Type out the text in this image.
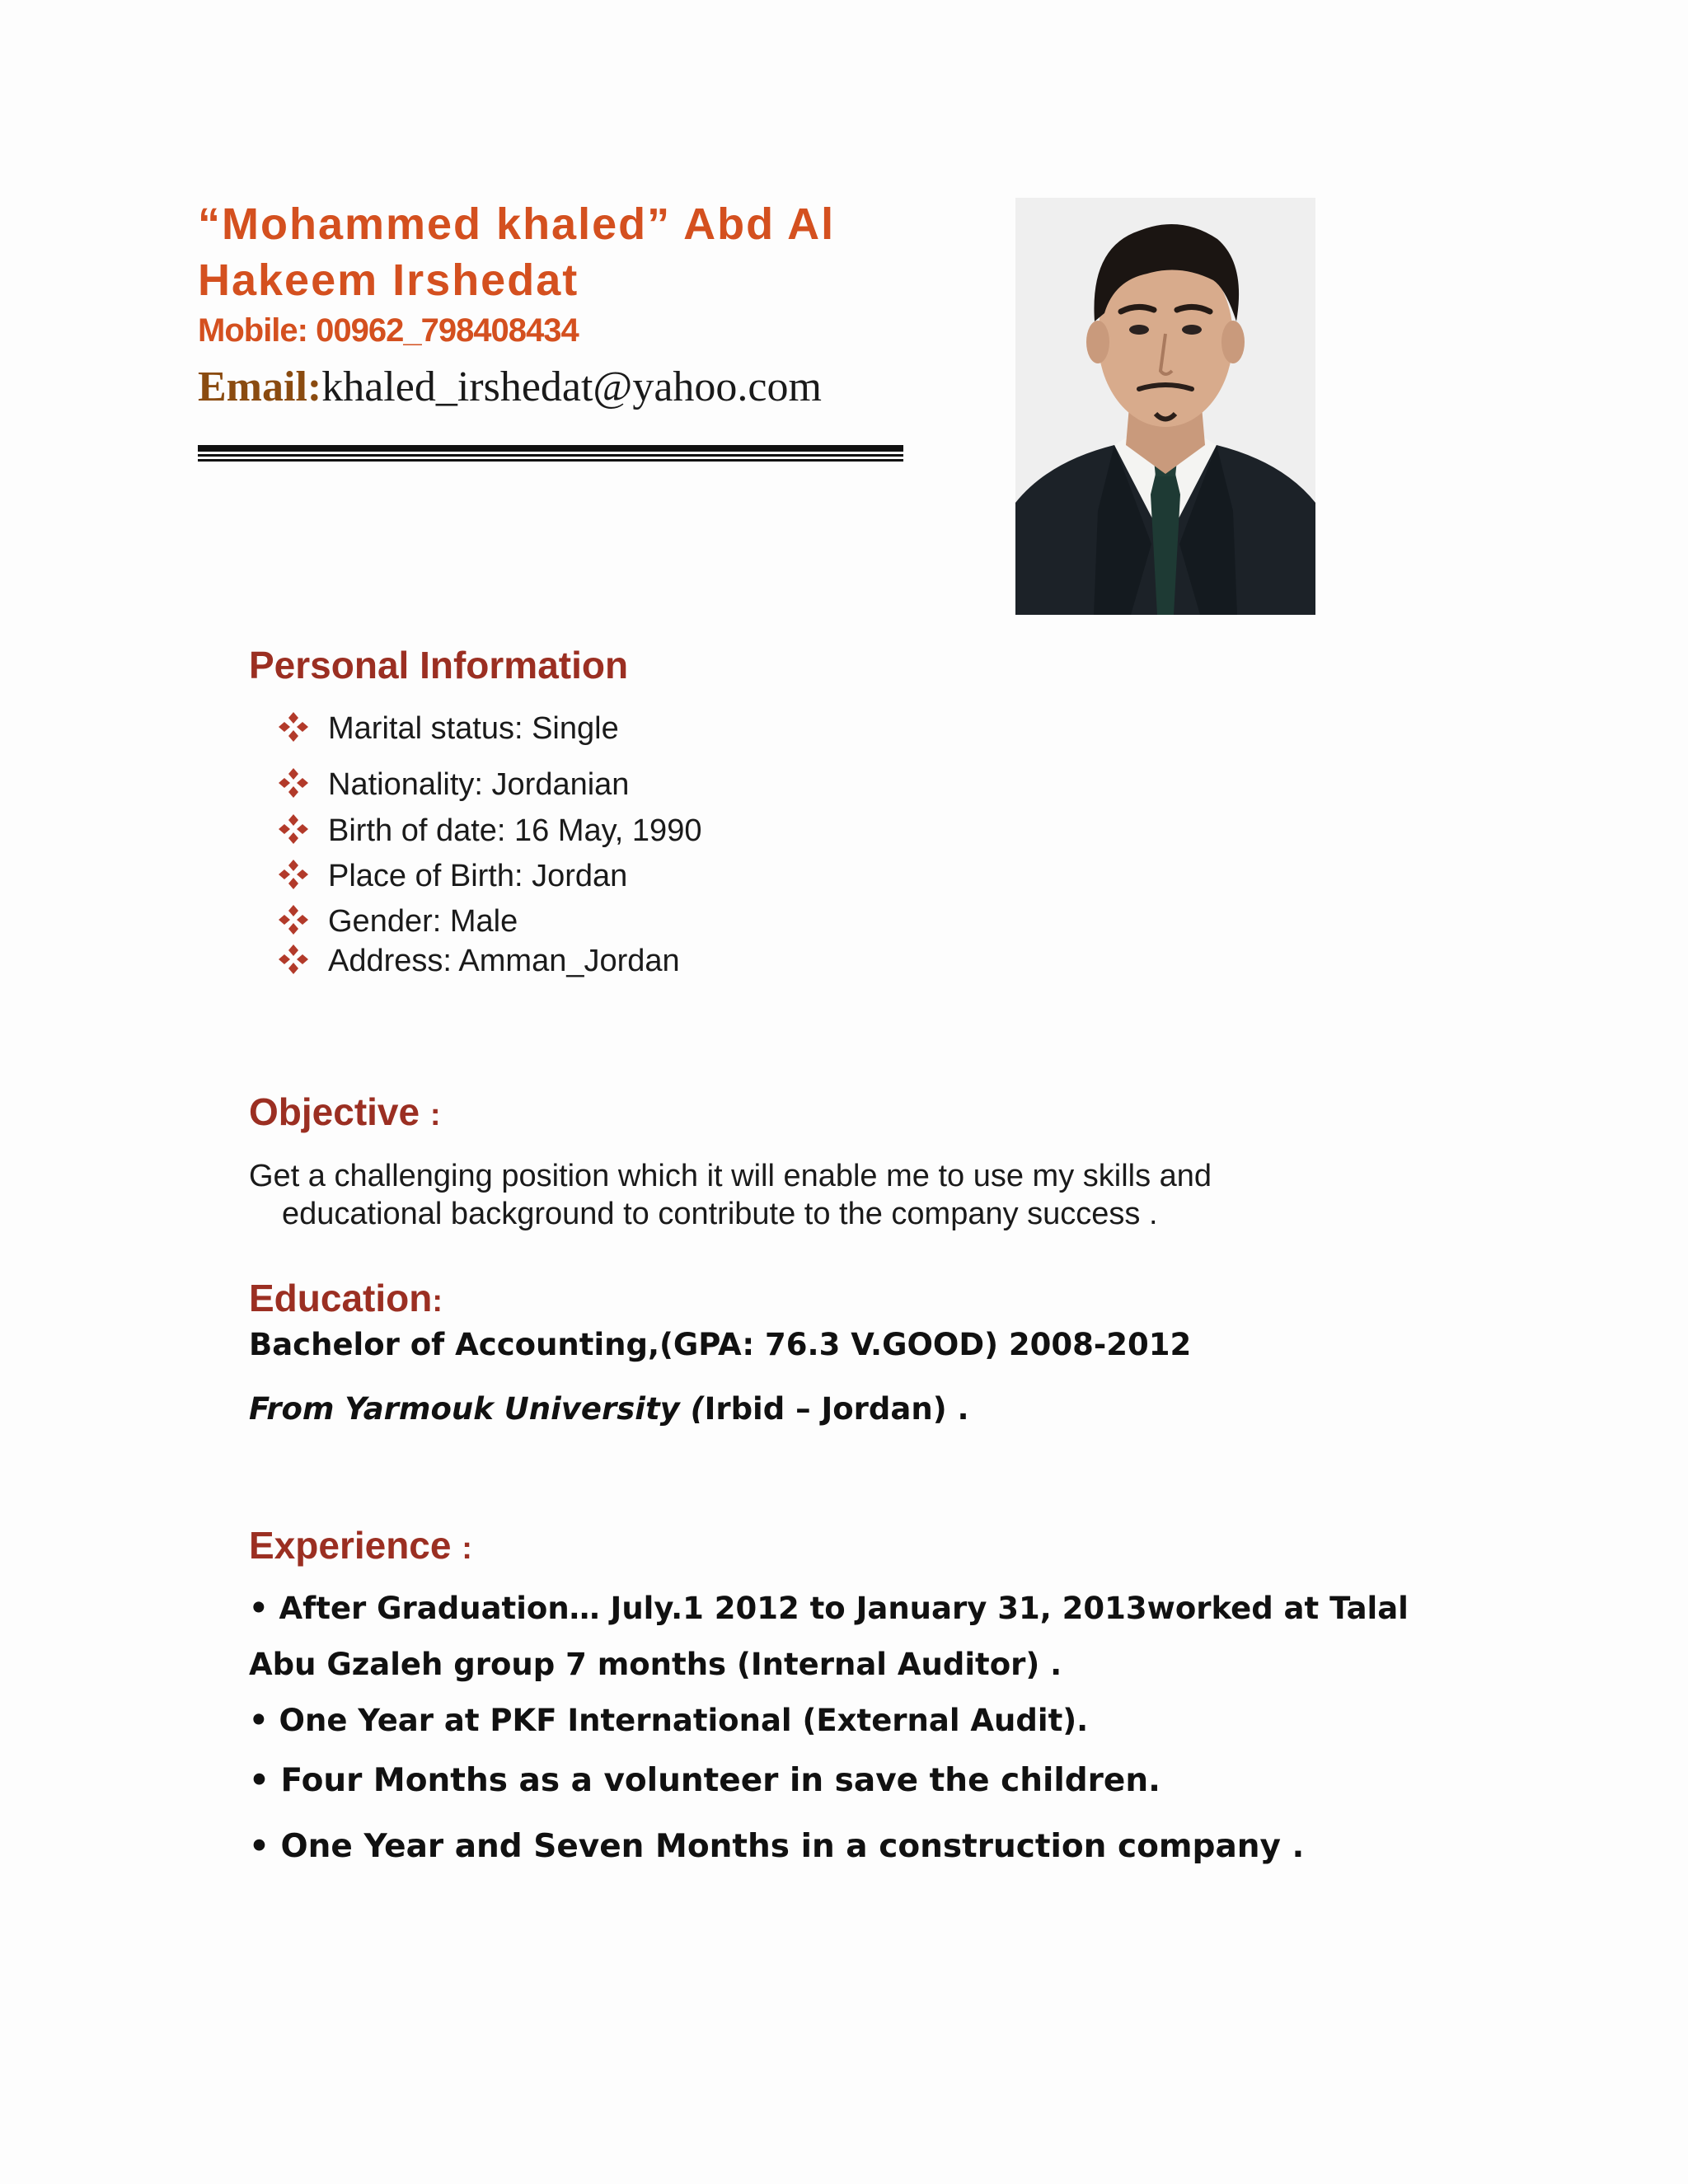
“Mohammed khaled” Abd Al
Hakeem Irshedat
Mobile: 00962_798408434
Email:khaled_irshedat@yahoo.com
Personal Information
Marital status: Single
Nationality: Jordanian
Birth of date: 16 May, 1990
Place of Birth: Jordan
Gender: Male
Address: Amman_Jordan
Objective :
Get a challenging position which it will enable me to use my skills and
educational background to contribute to the company success .
Education:
Bachelor of Accounting,(GPA: 76.3 V.GOOD) 2008-2012
From Yarmouk University (Irbid – Jordan) .
Experience :
• After Graduation… July.1 2012 to January 31, 2013worked at Talal
Abu Gzaleh group 7 months (Internal Auditor) .
• One Year at PKF International (External Audit).
• Four Months as a volunteer in save the children.
• One Year and Seven Months in a construction company .
